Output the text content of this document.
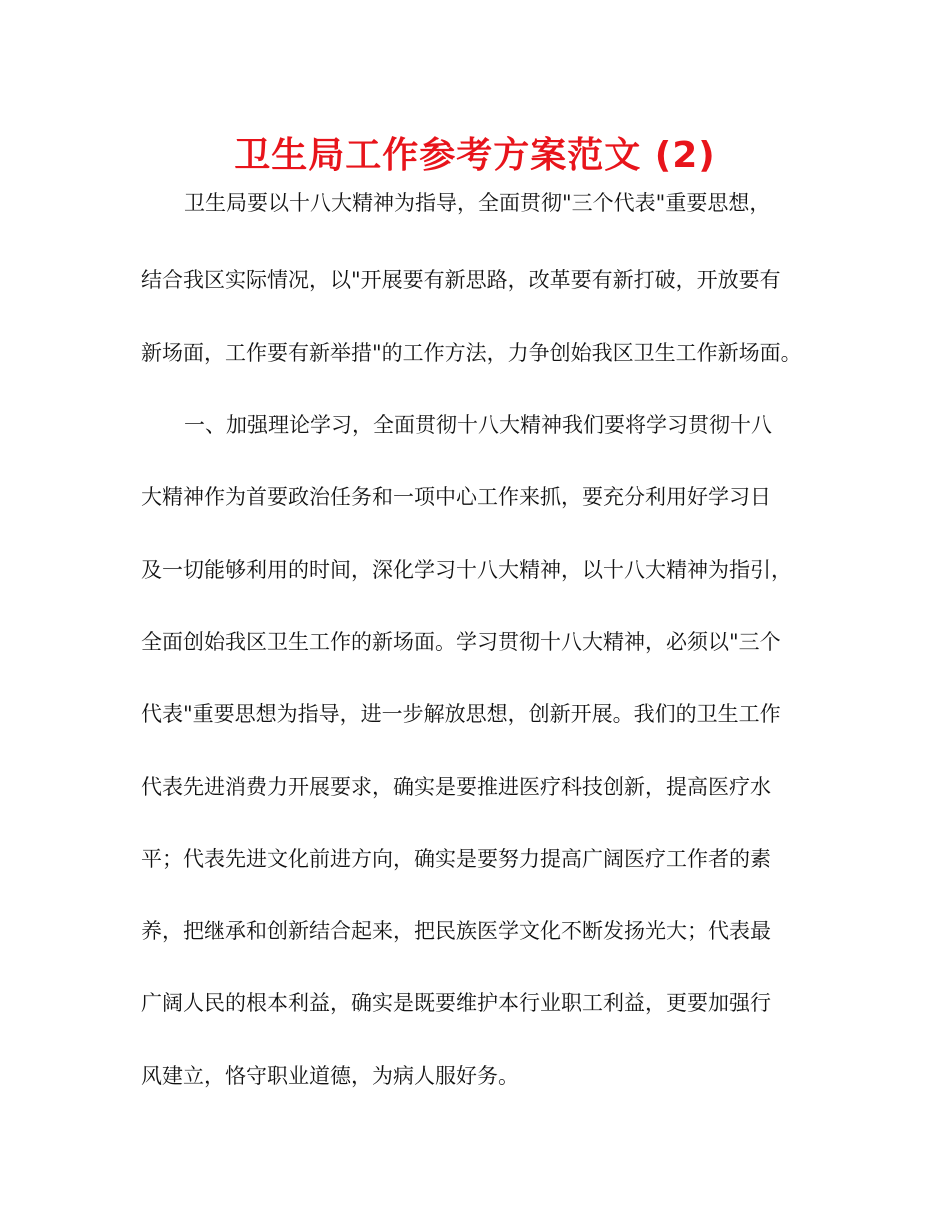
卫生局工作参考方案范文 (2)

卫生局要以十八大精神为指导，全面贯彻"三个代表"重要思想，

结合我区实际情况，以"开展要有新思路，改革要有新打破，开放要有

新场面，工作要有新举措"的工作方法，力争创始我区卫生工作新场面。

一、加强理论学习，全面贯彻十八大精神我们要将学习贯彻十八

大精神作为首要政治任务和一项中心工作来抓，要充分利用好学习日

及一切能够利用的时间，深化学习十八大精神，以十八大精神为指引，

全面创始我区卫生工作的新场面。学习贯彻十八大精神，必须以"三个

代表"重要思想为指导，进一步解放思想，创新开展。我们的卫生工作

代表先进消费力开展要求，确实是要推进医疗科技创新，提高医疗水

平；代表先进文化前进方向，确实是要努力提高广阔医疗工作者的素

养，把继承和创新结合起来，把民族医学文化不断发扬光大；代表最

广阔人民的根本利益，确实是既要维护本行业职工利益，更要加强行

风建立，恪守职业道德，为病人服好务。
